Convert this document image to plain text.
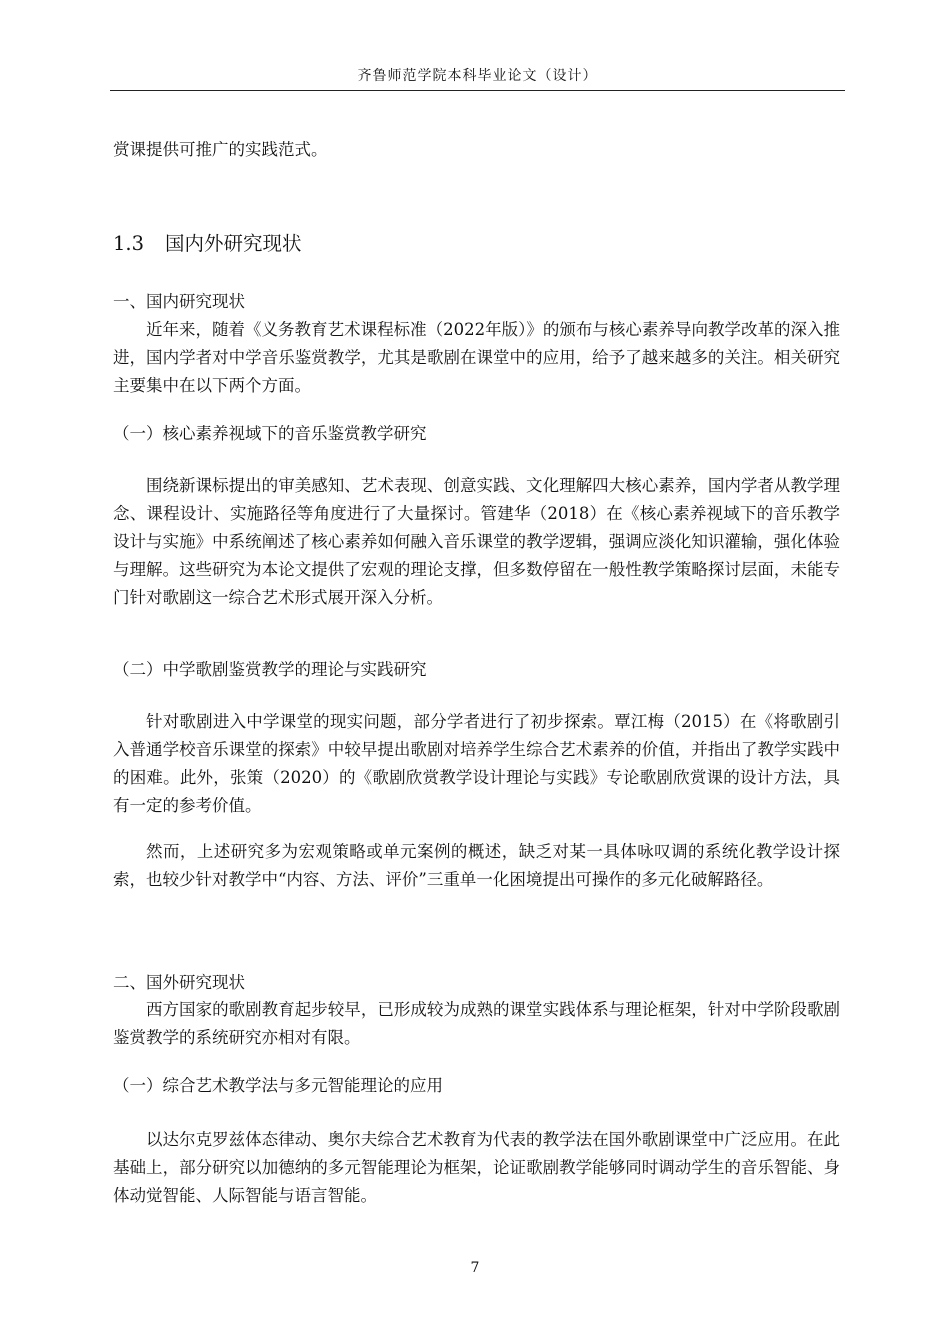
齐鲁师范学院本科毕业论文（设计）
赏课提供可推广的实践范式。
1.3 国内外研究现状
一、国内研究现状
近年来，随着《义务教育艺术课程标准（2022年版）》的颁布与核心素养导向教学改革的深入推进，国内学者对中学音乐鉴赏教学，尤其是歌剧在课堂中的应用，给予了越来越多的关注。相关研究主要集中在以下两个方面。
（一）核心素养视域下的音乐鉴赏教学研究
围绕新课标提出的审美感知、艺术表现、创意实践、文化理解四大核心素养，国内学者从教学理念、课程设计、实施路径等角度进行了大量探讨。管建华（2018）在《核心素养视域下的音乐教学设计与实施》中系统阐述了核心素养如何融入音乐课堂的教学逻辑，强调应淡化知识灌输，强化体验与理解。这些研究为本论文提供了宏观的理论支撑，但多数停留在一般性教学策略探讨层面，未能专门针对歌剧这一综合艺术形式展开深入分析。
（二）中学歌剧鉴赏教学的理论与实践研究
针对歌剧进入中学课堂的现实问题，部分学者进行了初步探索。覃江梅（2015）在《将歌剧引入普通学校音乐课堂的探索》中较早提出歌剧对培养学生综合艺术素养的价值，并指出了教学实践中的困难。此外，张策（2020）的《歌剧欣赏教学设计理论与实践》专论歌剧欣赏课的设计方法，具有一定的参考价值。
然而，上述研究多为宏观策略或单元案例的概述，缺乏对某一具体咏叹调的系统化教学设计探索，也较少针对教学中“内容、方法、评价”三重单一化困境提出可操作的多元化破解路径。
二、国外研究现状
西方国家的歌剧教育起步较早，已形成较为成熟的课堂实践体系与理论框架，针对中学阶段歌剧鉴赏教学的系统研究亦相对有限。
（一）综合艺术教学法与多元智能理论的应用
以达尔克罗兹体态律动、奥尔夫综合艺术教育为代表的教学法在国外歌剧课堂中广泛应用。在此基础上，部分研究以加德纳的多元智能理论为框架，论证歌剧教学能够同时调动学生的音乐智能、身体动觉智能、人际智能与语言智能。
7
